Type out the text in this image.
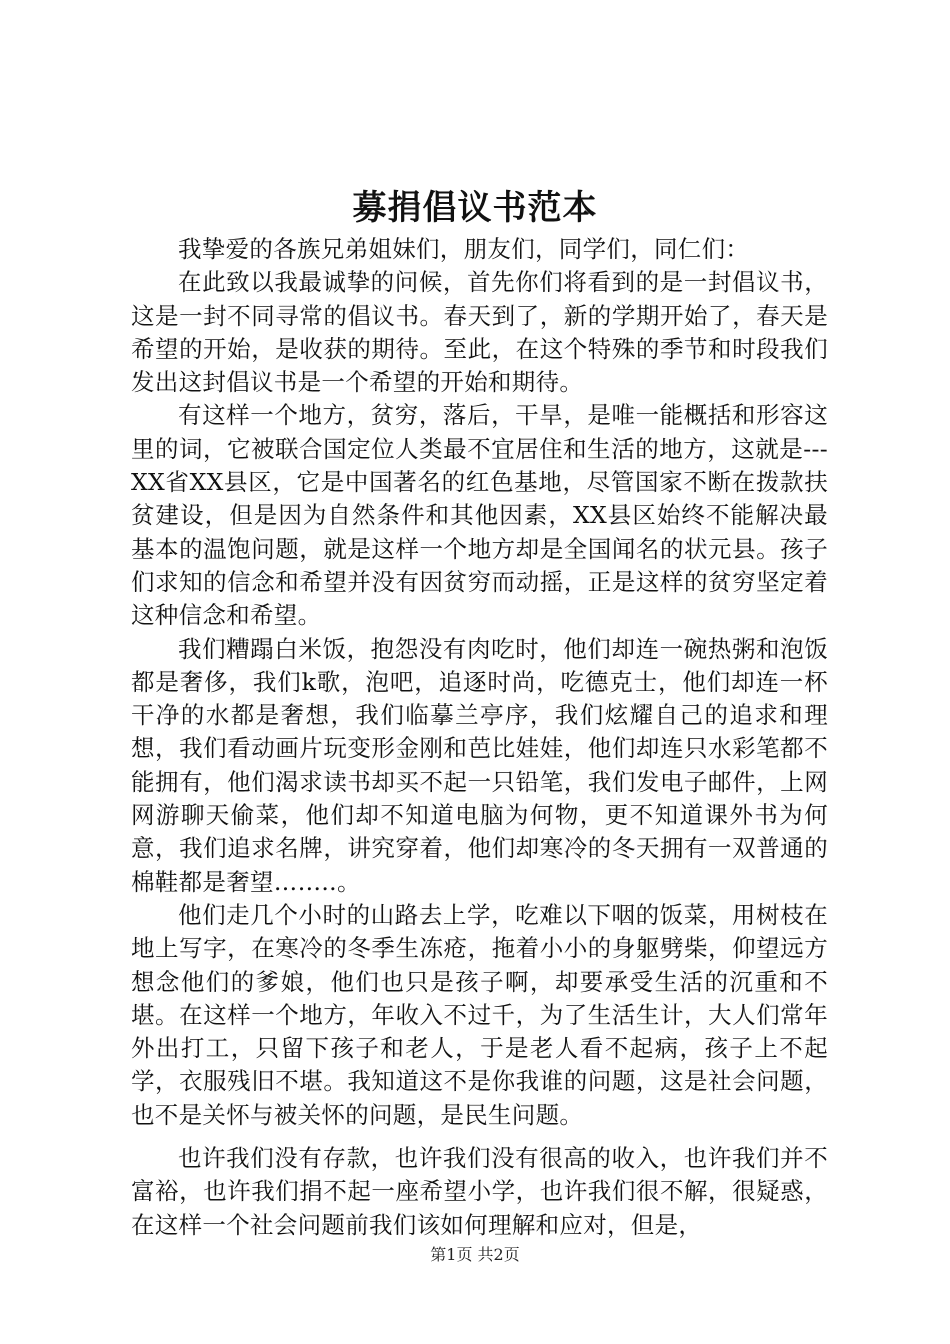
募捐倡议书范本

我挚爱的各族兄弟姐妹们，朋友们，同学们，同仁们：

在此致以我最诚挚的问候，首先你们将看到的是一封倡议书，这是一封不同寻常的倡议书。春天到了，新的学期开始了，春天是希望的开始，是收获的期待。至此，在这个特殊的季节和时段我们发出这封倡议书是一个希望的开始和期待。

有这样一个地方，贫穷，落后，干旱，是唯一能概括和形容这里的词，它被联合国定位人类最不宜居住和生活的地方，这就是---XX省XX县区，它是中国著名的红色基地，尽管国家不断在拨款扶贫建设，但是因为自然条件和其他因素，XX县区始终不能解决最基本的温饱问题，就是这样一个地方却是全国闻名的状元县。孩子们求知的信念和希望并没有因贫穷而动摇，正是这样的贫穷坚定着这种信念和希望。

我们糟蹋白米饭，抱怨没有肉吃时，他们却连一碗热粥和泡饭都是奢侈，我们k歌，泡吧，追逐时尚，吃德克士，他们却连一杯干净的水都是奢想，我们临摹兰亭序，我们炫耀自己的追求和理想，我们看动画片玩变形金刚和芭比娃娃，他们却连只水彩笔都不能拥有，他们渴求读书却买不起一只铅笔，我们发电子邮件，上网网游聊天偷菜，他们却不知道电脑为何物，更不知道课外书为何意，我们追求名牌，讲究穿着，他们却寒冷的冬天拥有一双普通的棉鞋都是奢望……..。

他们走几个小时的山路去上学，吃难以下咽的饭菜，用树枝在地上写字，在寒冷的冬季生冻疮，拖着小小的身躯劈柴，仰望远方想念他们的爹娘，他们也只是孩子啊，却要承受生活的沉重和不堪。在这样一个地方，年收入不过千，为了生活生计，大人们常年外出打工，只留下孩子和老人，于是老人看不起病，孩子上不起学，衣服残旧不堪。我知道这不是你我谁的问题，这是社会问题，也不是关怀与被关怀的问题，是民生问题。

也许我们没有存款，也许我们没有很高的收入，也许我们并不富裕，也许我们捐不起一座希望小学，也许我们很不解，很疑惑，在这样一个社会问题前我们该如何理解和应对，但是，

第1页 共2页
